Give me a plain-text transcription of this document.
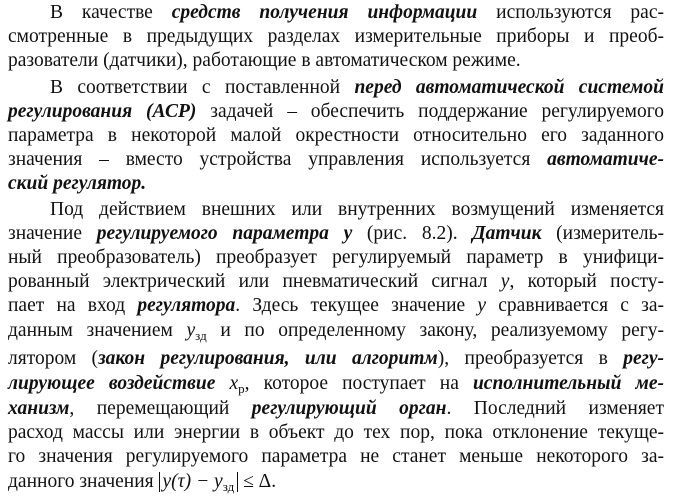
В качестве средств получения информации используются рас-
смотренные в предыдущих разделах измерительные приборы и преоб-
разователи (датчики), работающие в автоматическом режиме.
В соответствии с поставленной перед автоматической системой
регулирования (АСР) задачей – обеспечить поддержание регулируемого
параметра в некоторой малой окрестности относительно его заданного
значения – вместо устройства управления используется автоматиче-
ский регулятор.
Под действием внешних или внутренних возмущений изменяется
значение регулируемого параметра y (рис. 8.2). Датчик (измеритель-
ный преобразователь) преобразует регулируемый параметр в унифици-
рованный электрический или пневматический сигнал y, который посту-
пает на вход регулятора. Здесь текущее значение y сравнивается с за-
данным значением $y_{зд}$ и по определенному закону, реализуемому регу-
лятором (закон регулирования, или алгоритм), преобразуется в регу-
лирующее воздействие $x_р$, которое поступает на исполнительный ме-
ханизм, перемещающий регулирующий орган. Последний изменяет
расход массы или энергии в объект до тех пор, пока отклонение текуще-
го значения регулируемого параметра не станет меньше некоторого за-
данного значения $y(\tau) - y_{зд} \le \Delta$.
